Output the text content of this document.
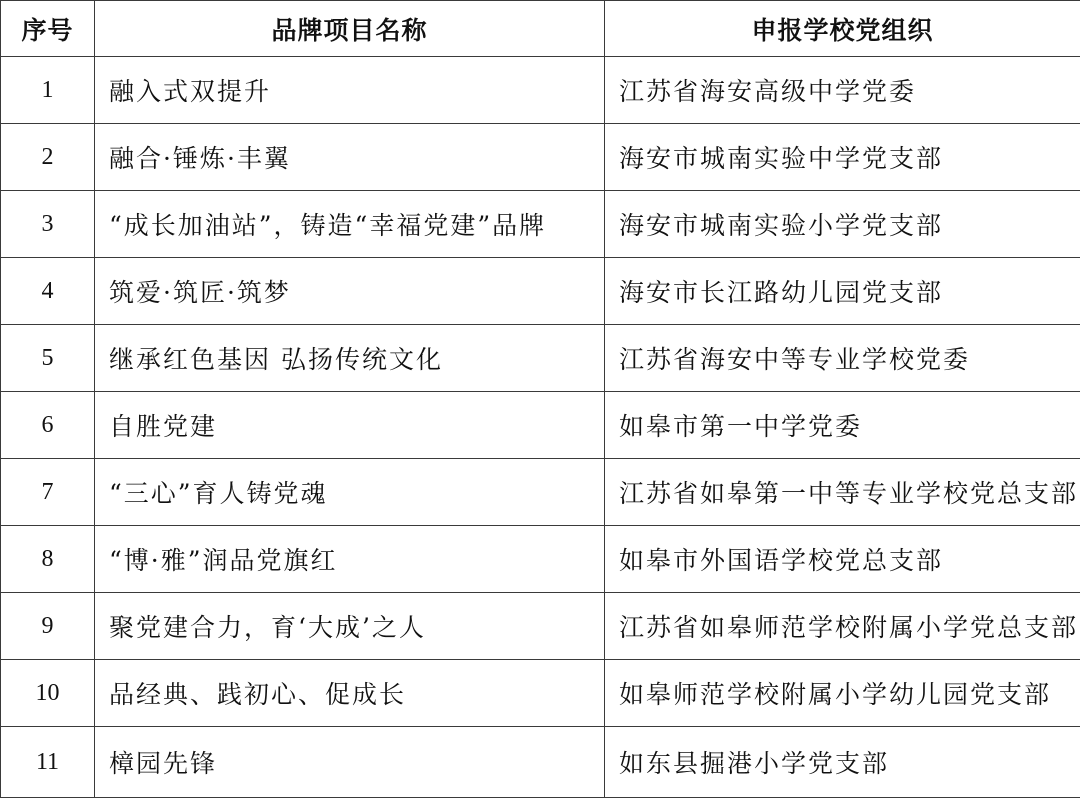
序号	品牌项目名称	申报学校党组织
1	融入式双提升	江苏省海安高级中学党委
2	融合·锤炼·丰翼	海安市城南实验中学党支部
3	“成长加油站”，铸造“幸福党建”品牌	海安市城南实验小学党支部
4	筑爱·筑匠·筑梦	海安市长江路幼儿园党支部
5	继承红色基因 弘扬传统文化	江苏省海安中等专业学校党委
6	自胜党建	如皋市第一中学党委
7	“三心”育人铸党魂	江苏省如皋第一中等专业学校党总支部
8	“博·雅”润品党旗红	如皋市外国语学校党总支部
9	聚党建合力，育‘大成’之人	江苏省如皋师范学校附属小学党总支部
10	品经典、践初心、促成长	如皋师范学校附属小学幼儿园党支部
11	樟园先锋	如东县掘港小学党支部
